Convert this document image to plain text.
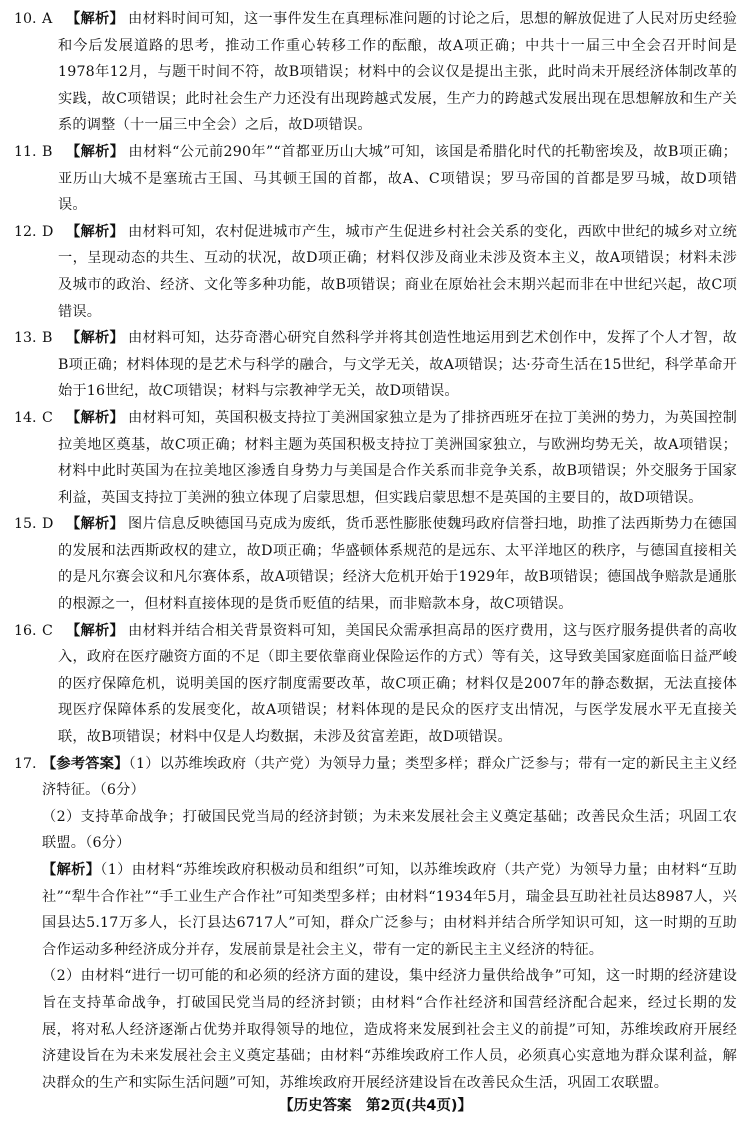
10. A 【解析】 由材料时间可知，这一事件发生在真理标准问题的讨论之后，思想的解放促进了人民对历史经验和今后发展道路的思考，推动工作重心转移工作的酝酿，故A项正确；中共十一届三中全会召开时间是1978年12月，与题干时间不符，故B项错误；材料中的会议仅是提出主张，此时尚未开展经济体制改革的实践，故C项错误；此时社会生产力还没有出现跨越式发展，生产力的跨越式发展出现在思想解放和生产关系的调整（十一届三中全会）之后，故D项错误。
11. B 【解析】 由材料“公元前290年”“首都亚历山大城”可知，该国是希腊化时代的托勒密埃及，故B项正确；亚历山大城不是塞琉古王国、马其顿王国的首都，故A、C项错误；罗马帝国的首都是罗马城，故D项错误。
12. D 【解析】 由材料可知，农村促进城市产生，城市产生促进乡村社会关系的变化，西欧中世纪的城乡对立统一，呈现动态的共生、互动的状况，故D项正确；材料仅涉及商业未涉及资本主义，故A项错误；材料未涉及城市的政治、经济、文化等多种功能，故B项错误；商业在原始社会末期兴起而非在中世纪兴起，故C项错误。
13. B 【解析】 由材料可知，达芬奇潜心研究自然科学并将其创造性地运用到艺术创作中，发挥了个人才智，故B项正确；材料体现的是艺术与科学的融合，与文学无关，故A项错误；达·芬奇生活在15世纪，科学革命开始于16世纪，故C项错误；材料与宗教神学无关，故D项错误。
14. C 【解析】 由材料可知，英国积极支持拉丁美洲国家独立是为了排挤西班牙在拉丁美洲的势力，为英国控制拉美地区奠基，故C项正确；材料主题为英国积极支持拉丁美洲国家独立，与欧洲均势无关，故A项错误；材料中此时英国为在拉美地区渗透自身势力与美国是合作关系而非竞争关系，故B项错误；外交服务于国家利益，英国支持拉丁美洲的独立体现了启蒙思想，但实践启蒙思想不是英国的主要目的，故D项错误。
15. D 【解析】 图片信息反映德国马克成为废纸，货币恶性膨胀使魏玛政府信誉扫地，助推了法西斯势力在德国的发展和法西斯政权的建立，故D项正确；华盛顿体系规范的是远东、太平洋地区的秩序，与德国直接相关的是凡尔赛会议和凡尔赛体系，故A项错误；经济大危机开始于1929年，故B项错误；德国战争赔款是通胀的根源之一，但材料直接体现的是货币贬值的结果，而非赔款本身，故C项错误。
16. C 【解析】 由材料并结合相关背景资料可知，美国民众需承担高昂的医疗费用，这与医疗服务提供者的高收入，政府在医疗融资方面的不足（即主要依靠商业保险运作的方式）等有关，这导致美国家庭面临日益严峻的医疗保障危机，说明美国的医疗制度需要改革，故C项正确；材料仅是2007年的静态数据，无法直接体现医疗保障体系的发展变化，故A项错误；材料体现的是民众的医疗支出情况，与医学发展水平无直接关联，故B项错误；材料中仅是人均数据，未涉及贫富差距，故D项错误。
17. 【参考答案】（1）以苏维埃政府（共产党）为领导力量；类型多样；群众广泛参与；带有一定的新民主主义经济特征。（6分）
（2）支持革命战争；打破国民党当局的经济封锁；为未来发展社会主义奠定基础；改善民众生活；巩固工农联盟。（6分）
【解析】（1）由材料“苏维埃政府积极动员和组织”可知，以苏维埃政府（共产党）为领导力量；由材料“互助社”“犁牛合作社”“手工业生产合作社”可知类型多样；由材料“1934年5月，瑞金县互助社社员达8987人，兴国县达5.17万多人，长汀县达6717人”可知，群众广泛参与；由材料并结合所学知识可知，这一时期的互助合作运动多种经济成分并存，发展前景是社会主义，带有一定的新民主主义经济的特征。
（2）由材料“进行一切可能的和必须的经济方面的建设，集中经济力量供给战争”可知，这一时期的经济建设旨在支持革命战争，打破国民党当局的经济封锁；由材料“合作社经济和国营经济配合起来，经过长期的发展，将对私人经济逐渐占优势并取得领导的地位，造成将来发展到社会主义的前提”可知，苏维埃政府开展经济建设旨在为未来发展社会主义奠定基础；由材料“苏维埃政府工作人员，必须真心实意地为群众谋利益，解决群众的生产和实际生活问题”可知，苏维埃政府开展经济建设旨在改善民众生活，巩固工农联盟。
【历史答案　第2页(共4页)】
